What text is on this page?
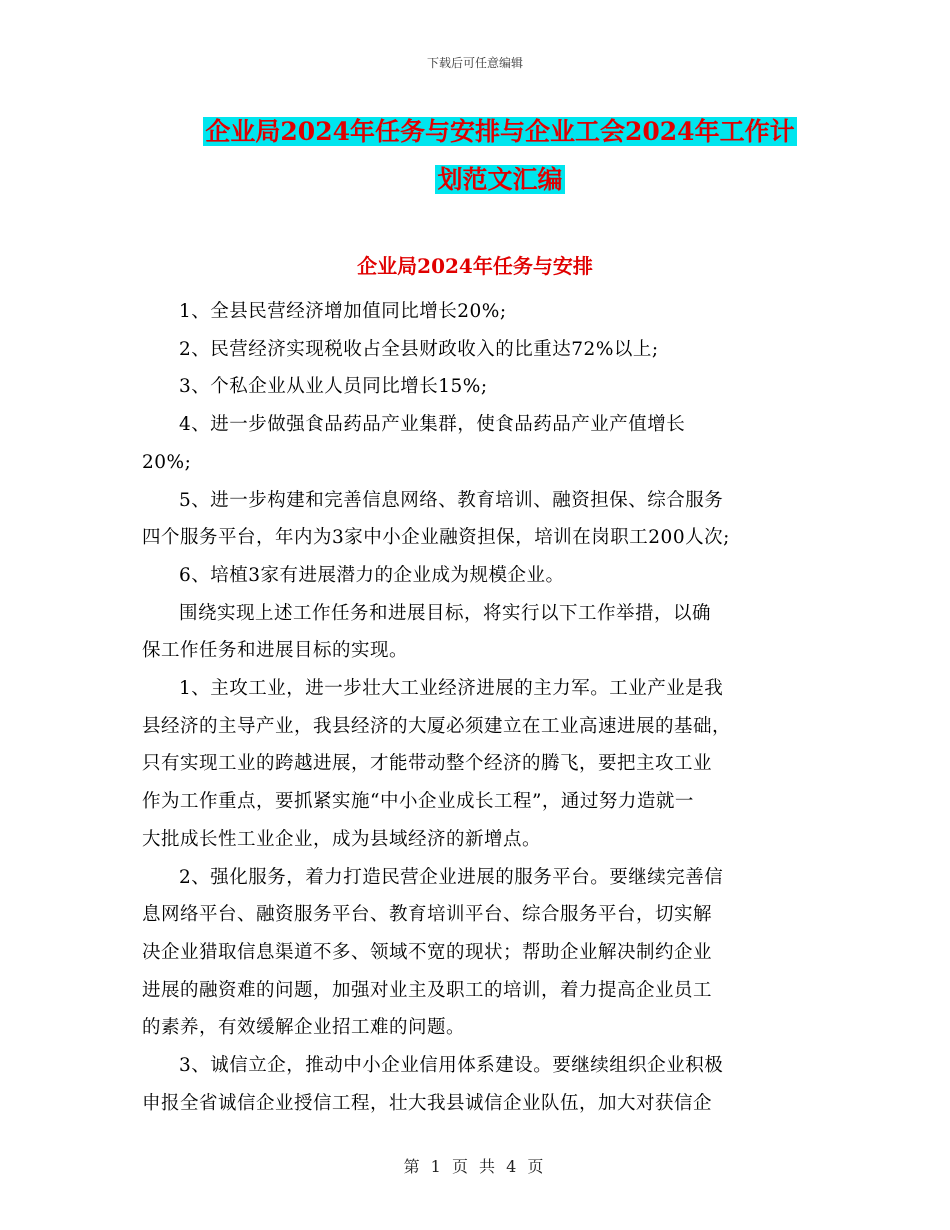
下载后可任意编辑
企业局2024年任务与安排与企业工会2024年工作计
划范文汇编
企业局2024年任务与安排

1、全县民营经济增加值同比增长20%;

2、民营经济实现税收占全县财政收入的比重达72%以上;

3、个私企业从业人员同比增长15%;

4、进一步做强食品药品产业集群，使食品药品产业产值增长
20%;

5、进一步构建和完善信息网络、教育培训、融资担保、综合服务
四个服务平台，年内为3家中小企业融资担保，培训在岗职工200人次;

6、培植3家有进展潜力的企业成为规模企业。

围绕实现上述工作任务和进展目标，将实行以下工作举措，以确
保工作任务和进展目标的实现。

1、主攻工业，进一步壮大工业经济进展的主力军。工业产业是我
县经济的主导产业，我县经济的大厦必须建立在工业高速进展的基础，
只有实现工业的跨越进展，才能带动整个经济的腾飞，要把主攻工业
作为工作重点，要抓紧实施“中小企业成长工程”，通过努力造就一
大批成长性工业企业，成为县域经济的新增点。

2、强化服务，着力打造民营企业进展的服务平台。要继续完善信
息网络平台、融资服务平台、教育培训平台、综合服务平台，切实解
决企业猎取信息渠道不多、领域不宽的现状；帮助企业解决制约企业
进展的融资难的问题，加强对业主及职工的培训，着力提高企业员工
的素养，有效缓解企业招工难的问题。

3、诚信立企，推动中小企业信用体系建设。要继续组织企业积极
申报全省诚信企业授信工程，壮大我县诚信企业队伍，加大对获信企

第 1 页 共 4 页
